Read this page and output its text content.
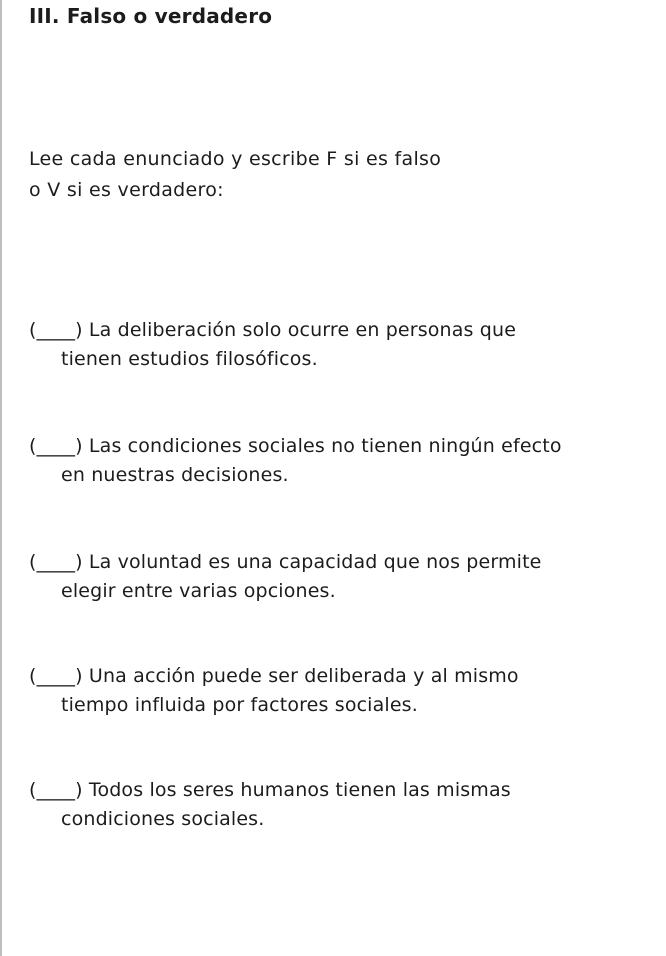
III. Falso o verdadero
Lee cada enunciado y escribe F si es falso o V si es verdadero:
(____) La deliberación solo ocurre en personas que
tienen estudios filosóficos.
(____) Las condiciones sociales no tienen ningún efecto
en nuestras decisiones.
(____) La voluntad es una capacidad que nos permite
elegir entre varias opciones.
(____) Una acción puede ser deliberada y al mismo
tiempo influida por factores sociales.
(____) Todos los seres humanos tienen las mismas
condiciones sociales.
